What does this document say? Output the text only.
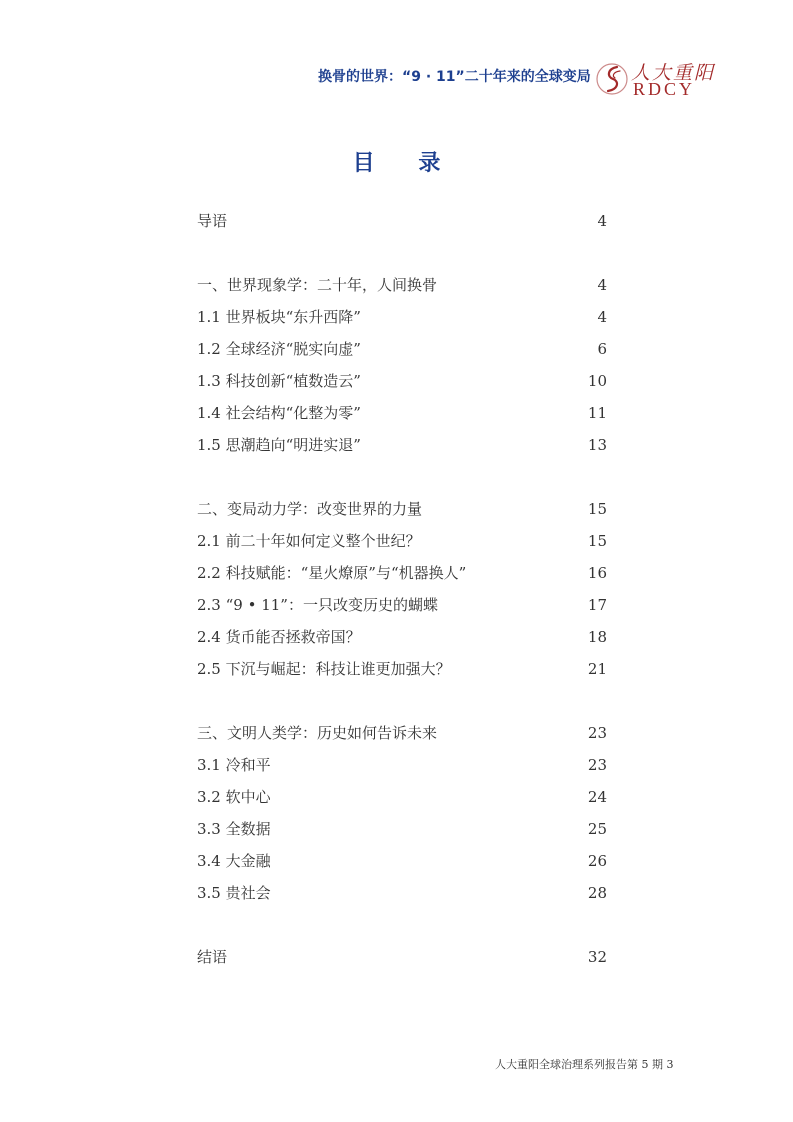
换骨的世界：“9 · 11”二十年来的全球变局 人大重阳
RDCY
目 录
导语	4
一、世界现象学：二十年，人间换骨	4
1.1 世界板块“东升西降”	4
1.2 全球经济“脱实向虚”	6
1.3 科技创新“植数造云”	10
1.4 社会结构“化整为零”	11
1.5 思潮趋向“明进实退”	13
二、变局动力学：改变世界的力量	15
2.1 前二十年如何定义整个世纪？	15
2.2 科技赋能：“星火燎原”与“机器换人”	16
2.3 “9 • 11”：一只改变历史的蝴蝶	17
2.4 货币能否拯救帝国？	18
2.5 下沉与崛起：科技让谁更加强大？	21
三、文明人类学：历史如何告诉未来	23
3.1 冷和平	23
3.2 软中心	24
3.3 全数据	25
3.4 大金融	26
3.5 贵社会	28
结语	32
人大重阳全球治理系列报告第 5 期 3
